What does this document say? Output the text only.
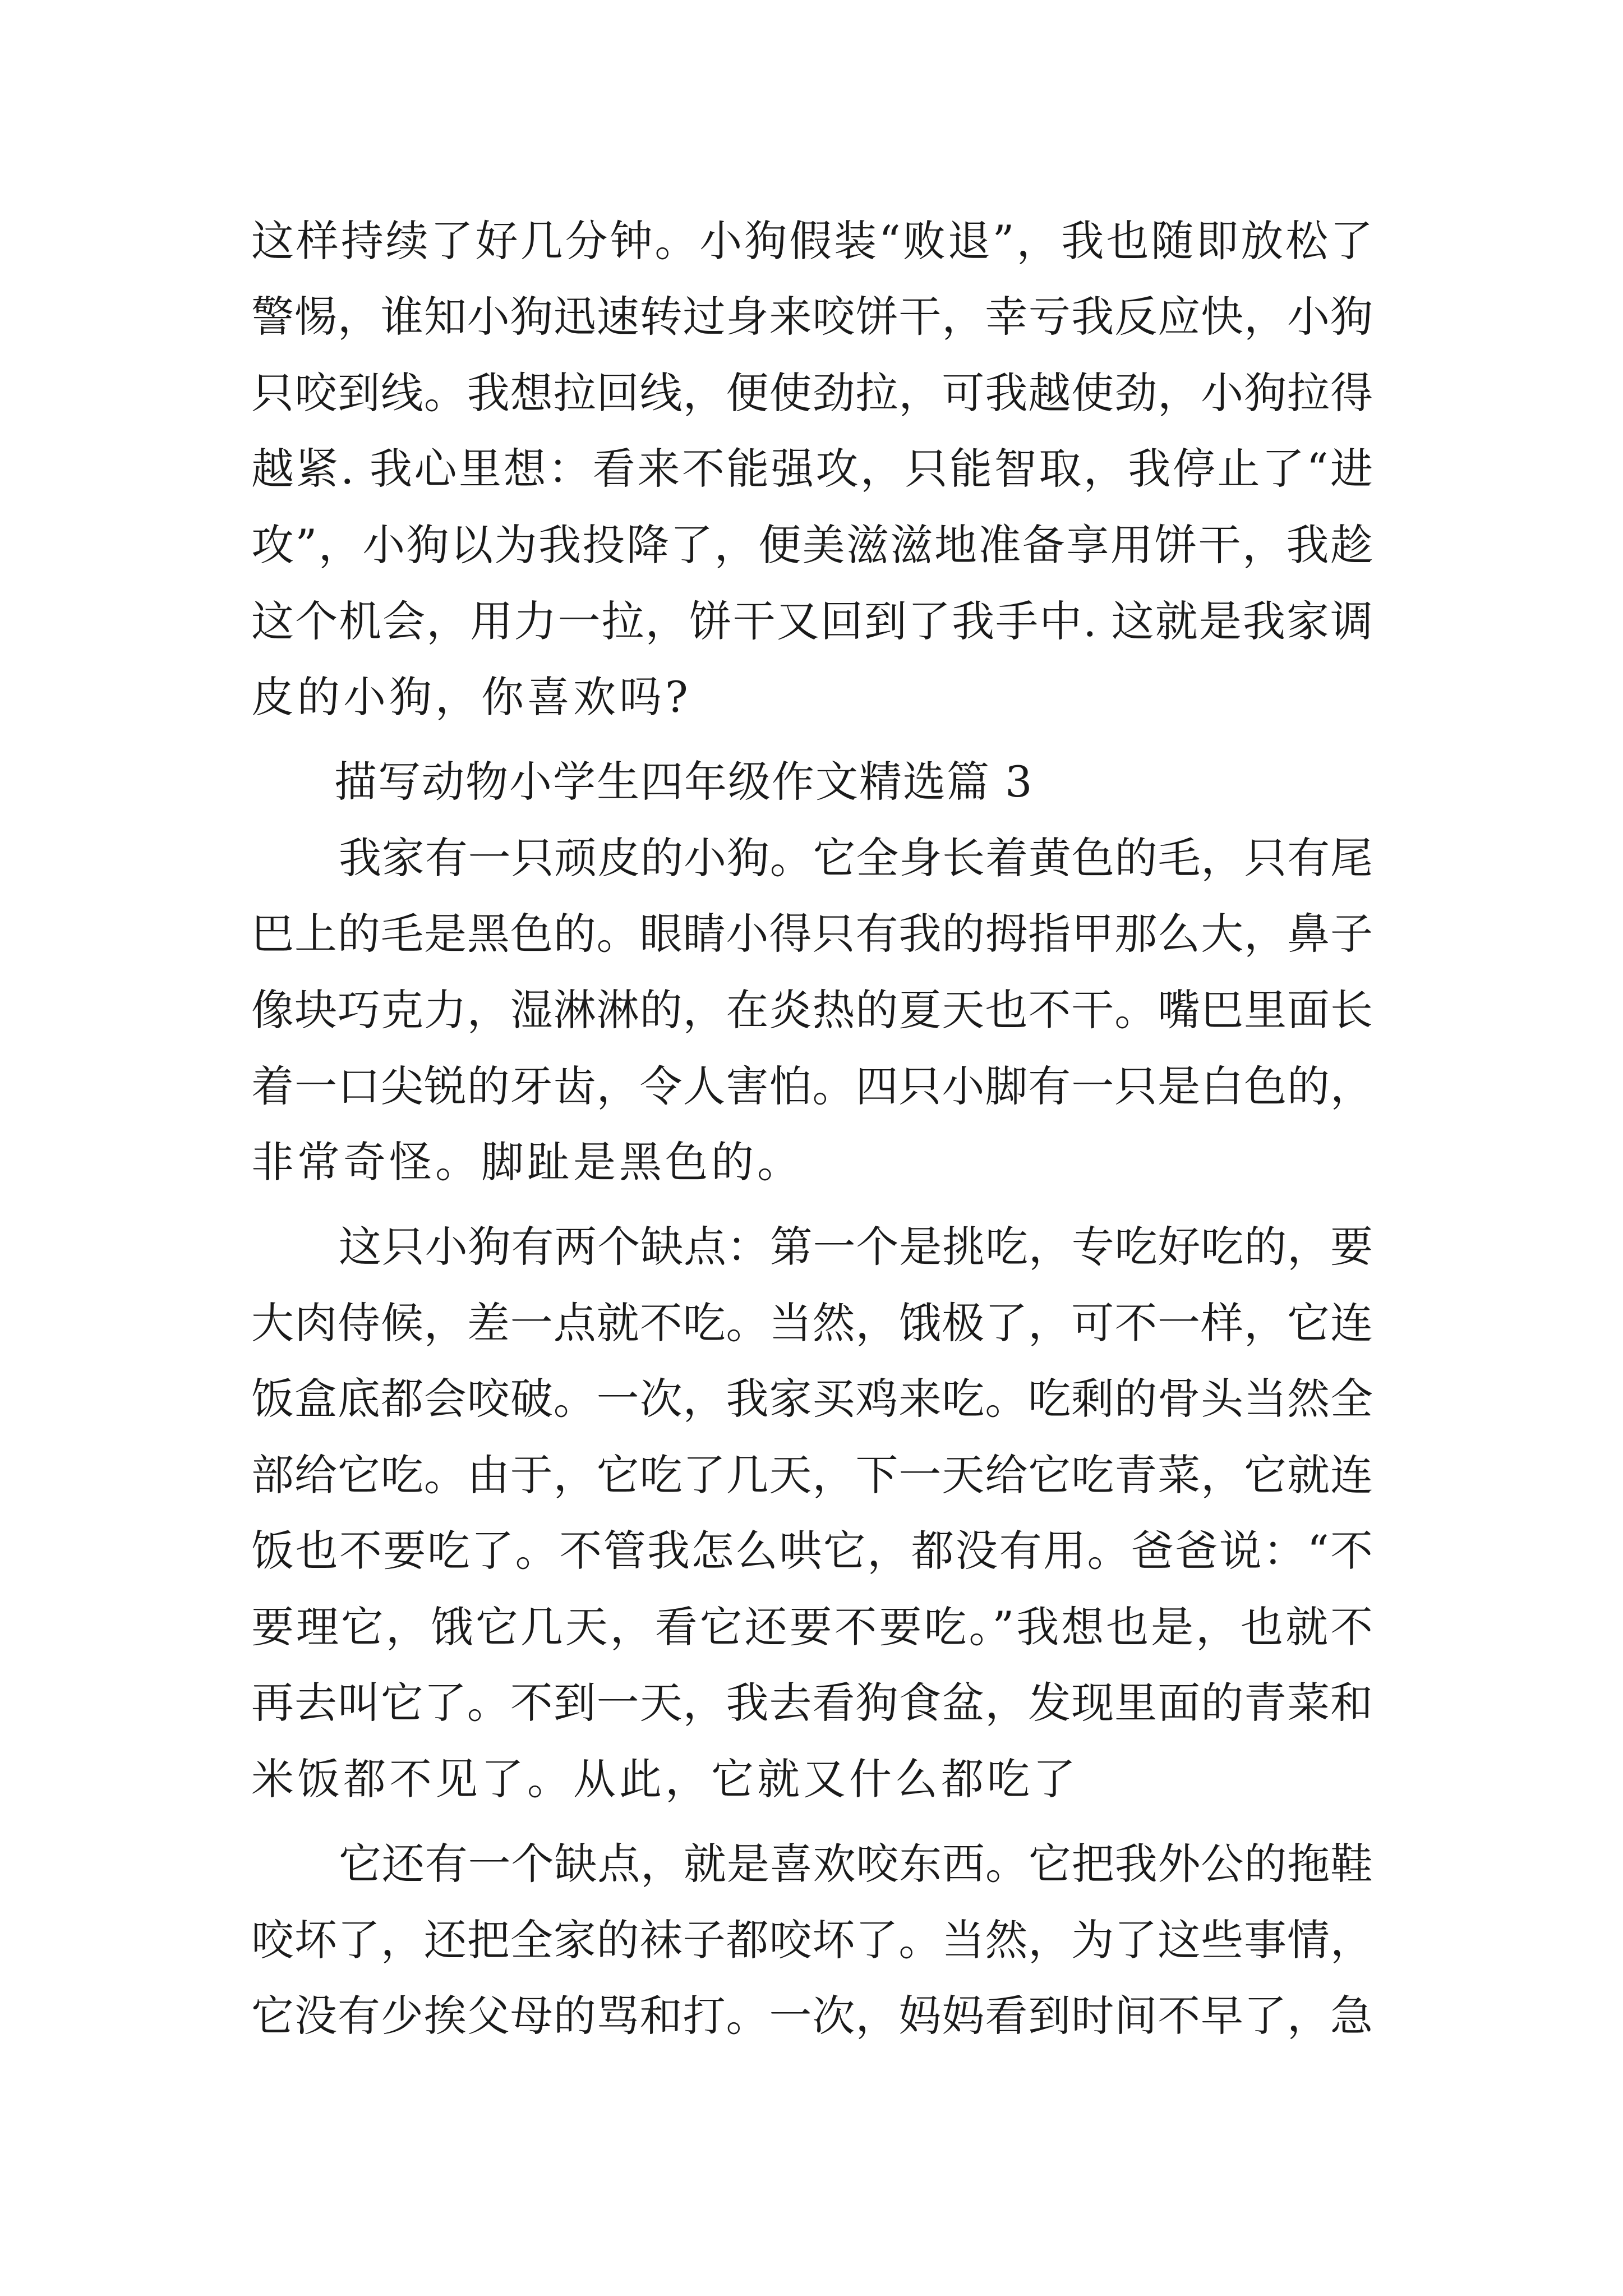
这样持续了好几分钟。小狗假装“败退”，我也随即放松了
警惕，谁知小狗迅速转过身来咬饼干，幸亏我反应快，小狗
只咬到线。我想拉回线，便使劲拉，可我越使劲，小狗拉得
越紧. 我心里想：看来不能强攻，只能智取，我停止了“进
攻”，小狗以为我投降了，便美滋滋地准备享用饼干，我趁
这个机会，用力一拉，饼干又回到了我手中. 这就是我家调
皮的小狗，你喜欢吗?
描写动物小学生四年级作文精选篇 3
我家有一只顽皮的小狗。它全身长着黄色的毛，只有尾
巴上的毛是黑色的。眼睛小得只有我的拇指甲那么大，鼻子
像块巧克力，湿淋淋的，在炎热的夏天也不干。嘴巴里面长
着一口尖锐的牙齿，令人害怕。四只小脚有一只是白色的，
非常奇怪。脚趾是黑色的。
这只小狗有两个缺点：第一个是挑吃，专吃好吃的，要
大肉侍候，差一点就不吃。当然，饿极了，可不一样，它连
饭盒底都会咬破。一次，我家买鸡来吃。吃剩的骨头当然全
部给它吃。由于，它吃了几天，下一天给它吃青菜，它就连
饭也不要吃了。不管我怎么哄它，都没有用。爸爸说：“不
要理它，饿它几天，看它还要不要吃。”我想也是，也就不
再去叫它了。不到一天，我去看狗食盆，发现里面的青菜和
米饭都不见了。从此，它就又什么都吃了
它还有一个缺点，就是喜欢咬东西。它把我外公的拖鞋
咬坏了，还把全家的袜子都咬坏了。当然，为了这些事情，
它没有少挨父母的骂和打。一次，妈妈看到时间不早了，急
